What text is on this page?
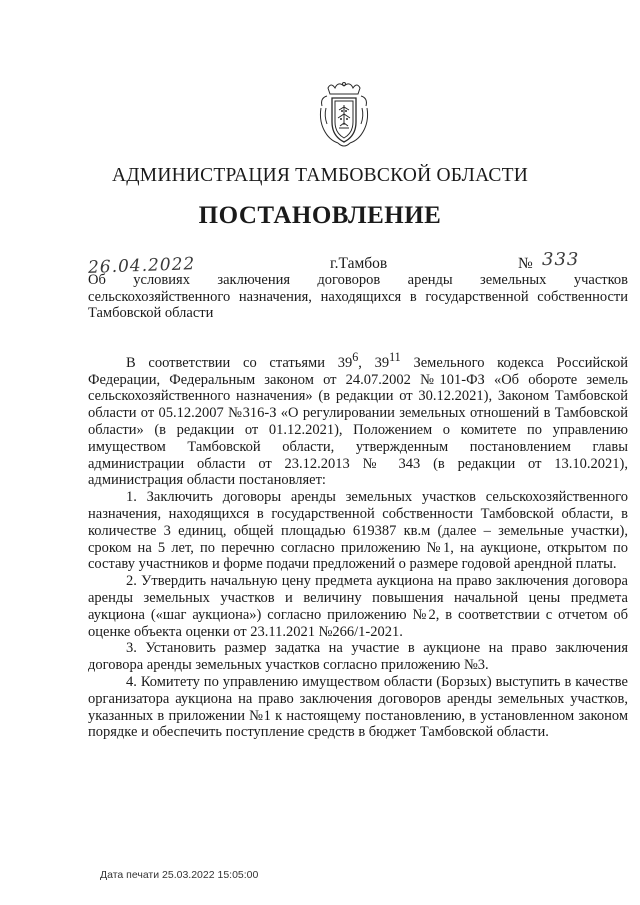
АДМИНИСТРАЦИЯ ТАМБОВСКОЙ ОБЛАСТИ
ПОСТАНОВЛЕНИЕ
26.04.2022	г.Тамбов	№ 333
Об условиях заключения договоров аренды земельных участков сельскохозяйственного назначения, находящихся в государственной собственности Тамбовской области

В соответствии со статьями $39^6$, $39^{11}$ Земельного кодекса Российской Федерации, Федеральным законом от 24.07.2002 №101-ФЗ «Об обороте земель сельскохозяйственного назначения» (в редакции от 30.12.2021), Законом Тамбовской области от 05.12.2007 №316-З «О регулировании земельных отношений в Тамбовской области» (в редакции от 01.12.2021), Положением о комитете по управлению имуществом Тамбовской области, утвержденным постановлением главы администрации области от 23.12.2013 № 343 (в редакции от 13.10.2021), администрация области постановляет:

1. Заключить договоры аренды земельных участков сельскохозяйственного назначения, находящихся в государственной собственности Тамбовской области, в количестве 3 единиц, общей площадью 619387 кв.м (далее – земельные участки), сроком на 5 лет, по перечню согласно приложению №1, на аукционе, открытом по составу участников и форме подачи предложений о размере годовой арендной платы.

2. Утвердить начальную цену предмета аукциона на право заключения договора аренды земельных участков и величину повышения начальной цены предмета аукциона («шаг аукциона») согласно приложению №2, в соответствии с отчетом об оценке объекта оценки от 23.11.2021 №266/1-2021.

3. Установить размер задатка на участие в аукционе на право заключения договора аренды земельных участков согласно приложению №3.

4. Комитету по управлению имуществом области (Борзых) выступить в качестве организатора аукциона на право заключения договоров аренды земельных участков, указанных в приложении №1 к настоящему постановлению, в установленном законом порядке и обеспечить поступление средств в бюджет Тамбовской области.

Дата печати 25.03.2022 15:05:00
